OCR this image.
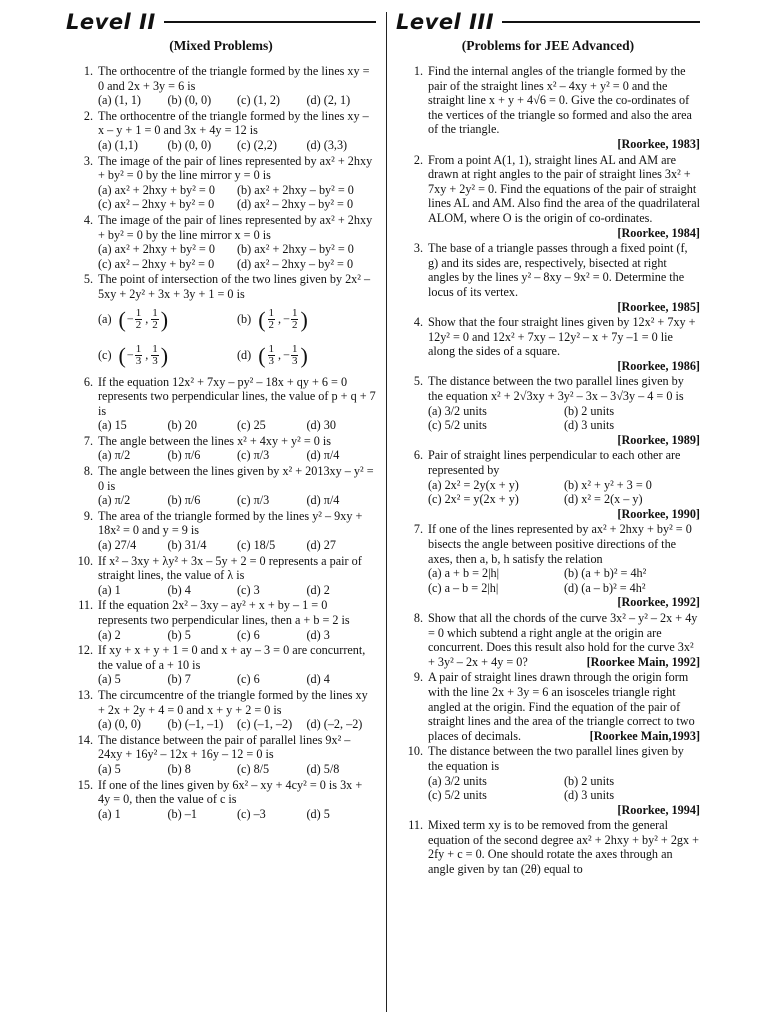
Level II
(Mixed Problems)
1. The orthocentre of the triangle formed by the lines xy = 0 and 2x + 3y = 6 is
(a) (1, 1)	(b) (0, 0)	(c) (1, 2)	(d) (2, 1)
2. The orthocentre of the triangle formed by the lines xy – x – y + 1 = 0 and 3x + 4y = 12 is
(a) (1,1)	(b) (0, 0)	(c) (2,2)	(d) (3,3)
3. The image of the pair of lines represented by ax² + 2hxy + by² = 0 by the line mirror y = 0 is
(a) ax² + 2hxy + by² = 0	(b) ax² + 2hxy – by² = 0
(c) ax² – 2hxy + by² = 0	(d) ax² – 2hxy – by² = 0
4. The image of the pair of lines represented by ax² + 2hxy + by² = 0 by the line mirror x = 0 is
(a) ax² + 2hxy + by² = 0	(b) ax² + 2hxy – by² = 0
(c) ax² – 2hxy + by² = 0	(d) ax² – 2hxy – by² = 0
5. The point of intersection of the two lines given by 2x² – 5xy + 2y² + 3x + 3y + 1 = 0 is
(a) ( − $\frac{1}{2}$ , $\frac{1}{2}$ )	(b) ( $\frac{1}{2}$ , − $\frac{1}{2}$ )
(c) ( − $\frac{1}{3}$ , $\frac{1}{3}$ )	(d) ( $\frac{1}{3}$ , − $\frac{1}{3}$ )
6. If the equation 12x² + 7xy – py² – 18x + qy + 6 = 0 represents two perpendicular lines, the value of p + q + 7 is
(a) 15	(b) 20	(c) 25	(d) 30
7. The angle between the lines x² + 4xy + y² = 0 is
(a) π/2	(b) π/6	(c) π/3	(d) π/4
8. The angle between the lines given by x² + 2013xy – y² = 0 is
(a) π/2	(b) π/6	(c) π/3	(d) π/4
9. The area of the triangle formed by the lines y² – 9xy + 18x² = 0 and y = 9 is
(a) 27/4	(b) 31/4	(c) 18/5	(d) 27
10. If x² – 3xy + λy² + 3x – 5y + 2 = 0 represents a pair of straight lines, the value of λ is
(a) 1	(b) 4	(c) 3	(d) 2
11. If the equation 2x² – 3xy – ay² + x + by – 1 = 0 represents two perpendicular lines, then a + b = 2 is
(a) 2	(b) 5	(c) 6	(d) 3
12. If xy + x + y + 1 = 0 and x + ay – 3 = 0 are concurrent, the value of a + 10 is
(a) 5	(b) 7	(c) 6	(d) 4
13. The circumcentre of the triangle formed by the lines xy + 2x + 2y + 4 = 0 and x + y + 2 = 0 is
(a) (0, 0)	(b) (–1, –1)	(c) (–1, –2)	(d) (–2, –2)
14. The distance between the pair of parallel lines 9x² – 24xy + 16y² – 12x + 16y – 12 = 0 is
(a) 5	(b) 8	(c) 8/5	(d) 5/8
15. If one of the lines given by 6x² – xy + 4cy² = 0 is 3x + 4y = 0, then the value of c is
(a) 1	(b) –1	(c) –3	(d) 5
Level III
(Problems for JEE Advanced)
1. Find the internal angles of the triangle formed by the pair of the straight lines x² – 4xy + y² = 0 and the straight line x + y + 4√6 = 0. Give the co-ordinates of the vertices of the triangle so formed and also the area of the triangle.
[Roorkee, 1983]
2. From a point A(1, 1), straight lines AL and AM are drawn at right angles to the pair of straight lines 3x² + 7xy + 2y² = 0. Find the equations of the pair of straight lines AL and AM. Also find the area of the quadrilateral ALOM, where O is the origin of co-ordinates.
[Roorkee, 1984]
3. The base of a triangle passes through a fixed point (f, g) and its sides are, respectively, bisected at right angles by the lines y² – 8xy – 9x² = 0. Determine the locus of its vertex.
[Roorkee, 1985]
4. Show that the four straight lines given by 12x² + 7xy + 12y² = 0 and 12x² + 7xy – 12y² – x + 7y –1 = 0 lie along the sides of a square.
[Roorkee, 1986]
5. The distance between the two parallel lines given by the equation x² + 2√3xy + 3y² – 3x – 3√3y – 4 = 0 is
(a) 3/2 units	(b) 2 units
(c) 5/2 units	(d) 3 units
[Roorkee, 1989]
6. Pair of straight lines perpendicular to each other are represented by
(a) 2x² = 2y(x + y)	(b) x² + y² + 3 = 0
(c) 2x² = y(2x + y)	(d) x² = 2(x – y)
[Roorkee, 1990]
7. If one of the lines represented by ax² + 2hxy + by² = 0 bisects the angle between positive directions of the axes, then a, b, h satisfy the relation
(a) a + b = 2|h|	(b) (a + b)² = 4h²
(c) a – b = 2|h|	(d) (a – b)² = 4h²
[Roorkee, 1992]
8. Show that all the chords of the curve 3x² – y² – 2x + 4y = 0 which subtend a right angle at the origin are concurrent. Does this result also hold for the curve 3x² + 3y² – 2x + 4y = 0?	[Roorkee Main, 1992]
9. A pair of straight lines drawn through the origin form with the line 2x + 3y = 6 an isosceles triangle right angled at the origin. Find the equation of the pair of straight lines and the area of the triangle correct to two places of decimals.	[Roorkee Main,1993]
10. The distance between the two parallel lines given by the equation is
(a) 3/2 units	(b) 2 units
(c) 5/2 units	(d) 3 units
[Roorkee, 1994]
11. Mixed term xy is to be removed from the general equation of the second degree ax² + 2hxy + by² + 2gx + 2fy + c = 0. One should rotate the axes through an angle given by tan (2θ) equal to
